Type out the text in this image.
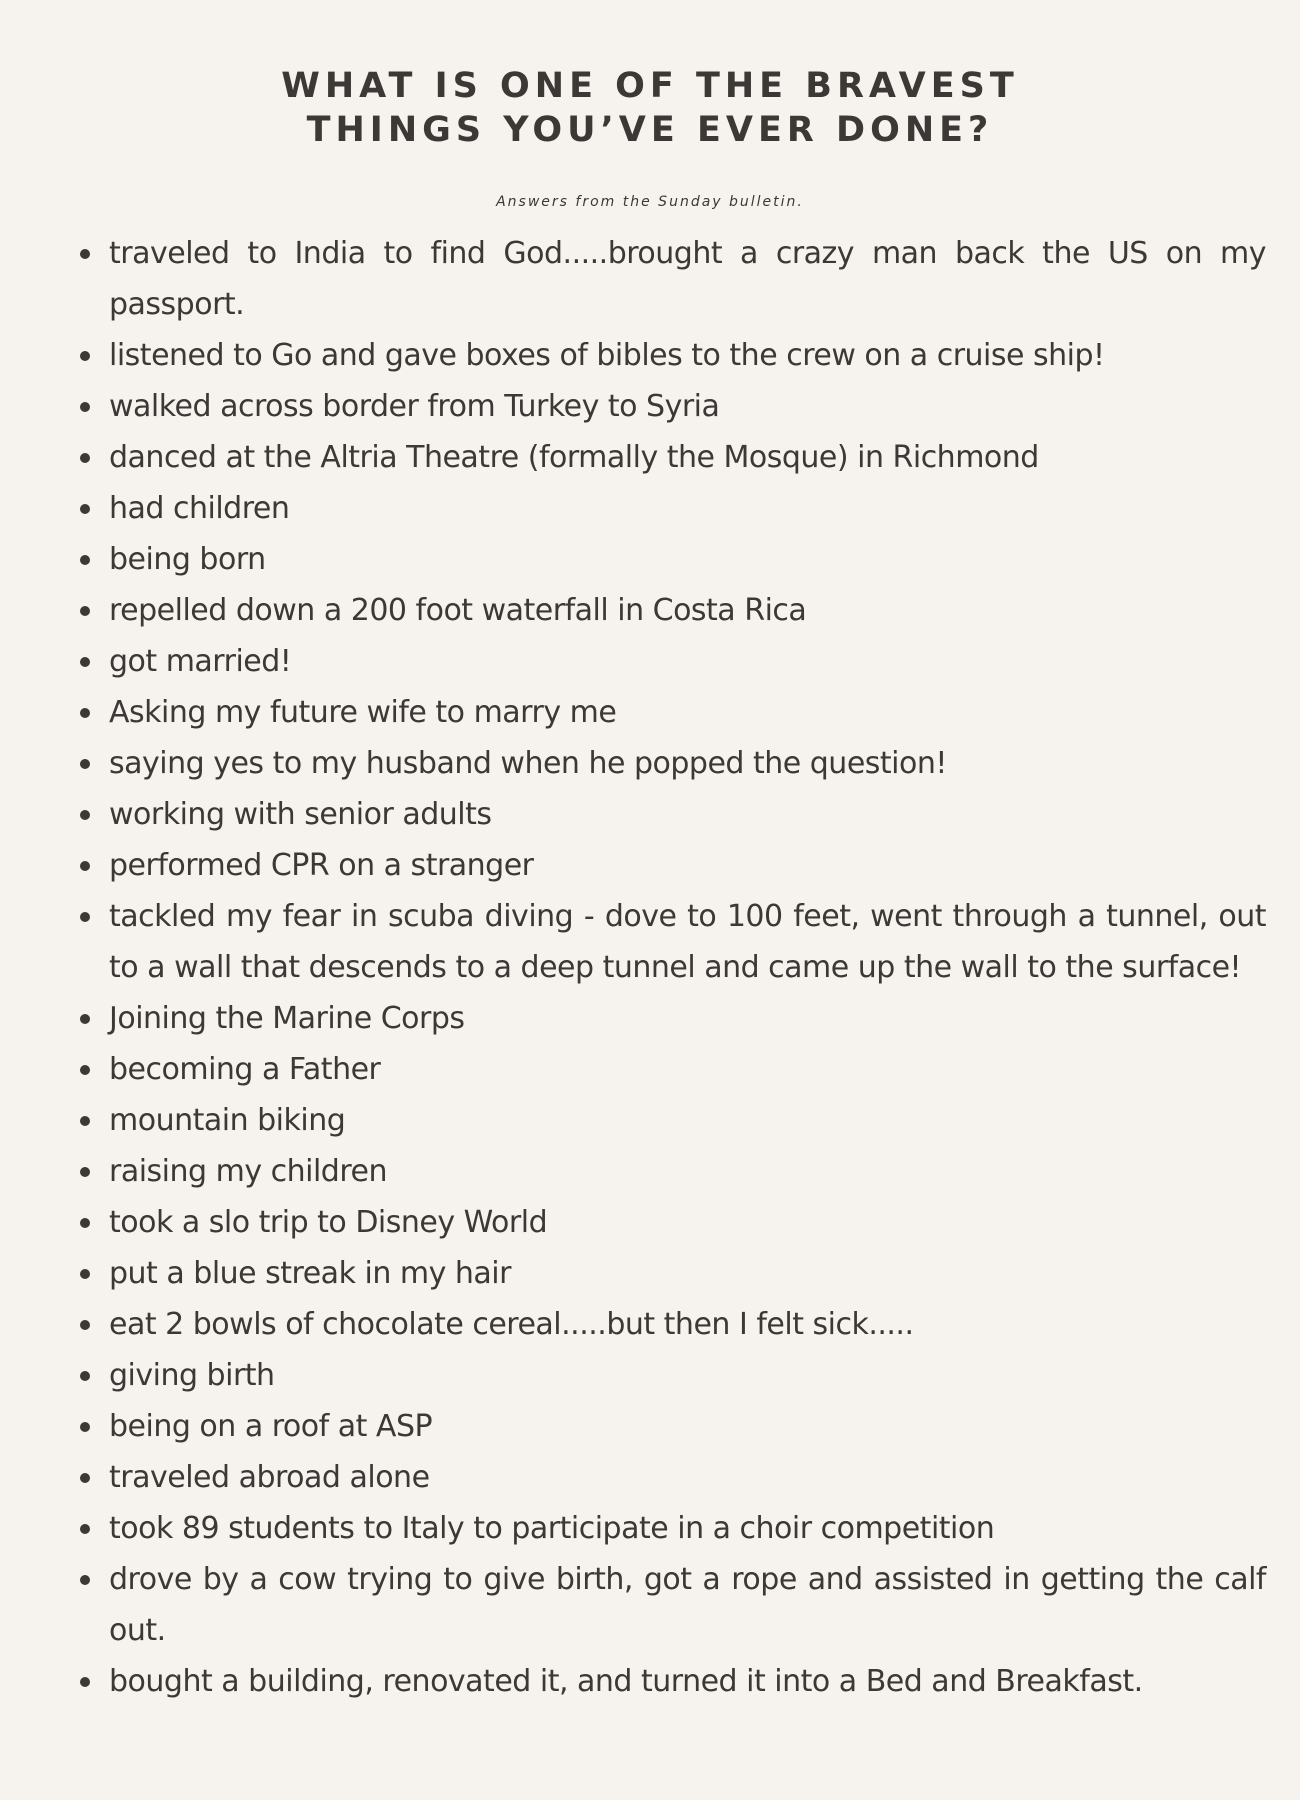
WHAT IS ONE OF THE BRAVEST
THINGS YOU’VE EVER DONE?

Answers from the Sunday bulletin.

traveled to India to find God.....brought a crazy man back the US on my passport.
listened to Go and gave boxes of bibles to the crew on a cruise ship!
walked across border from Turkey to Syria
danced at the Altria Theatre (formally the Mosque) in Richmond
had children
being born
repelled down a 200 foot waterfall in Costa Rica
got married!
Asking my future wife to marry me
saying yes to my husband when he popped the question!
working with senior adults
performed CPR on a stranger
tackled my fear in scuba diving - dove to 100 feet, went through a tunnel, out to a wall that descends to a deep tunnel and came up the wall to the surface!
Joining the Marine Corps
becoming a Father
mountain biking
raising my children
took a slo trip to Disney World
put a blue streak in my hair
eat 2 bowls of chocolate cereal.....but then I felt sick.....
giving birth
being on a roof at ASP
traveled abroad alone
took 89 students to Italy to participate in a choir competition
drove by a cow trying to give birth, got a rope and assisted in getting the calf out.
bought a building, renovated it, and turned it into a Bed and Breakfast.
